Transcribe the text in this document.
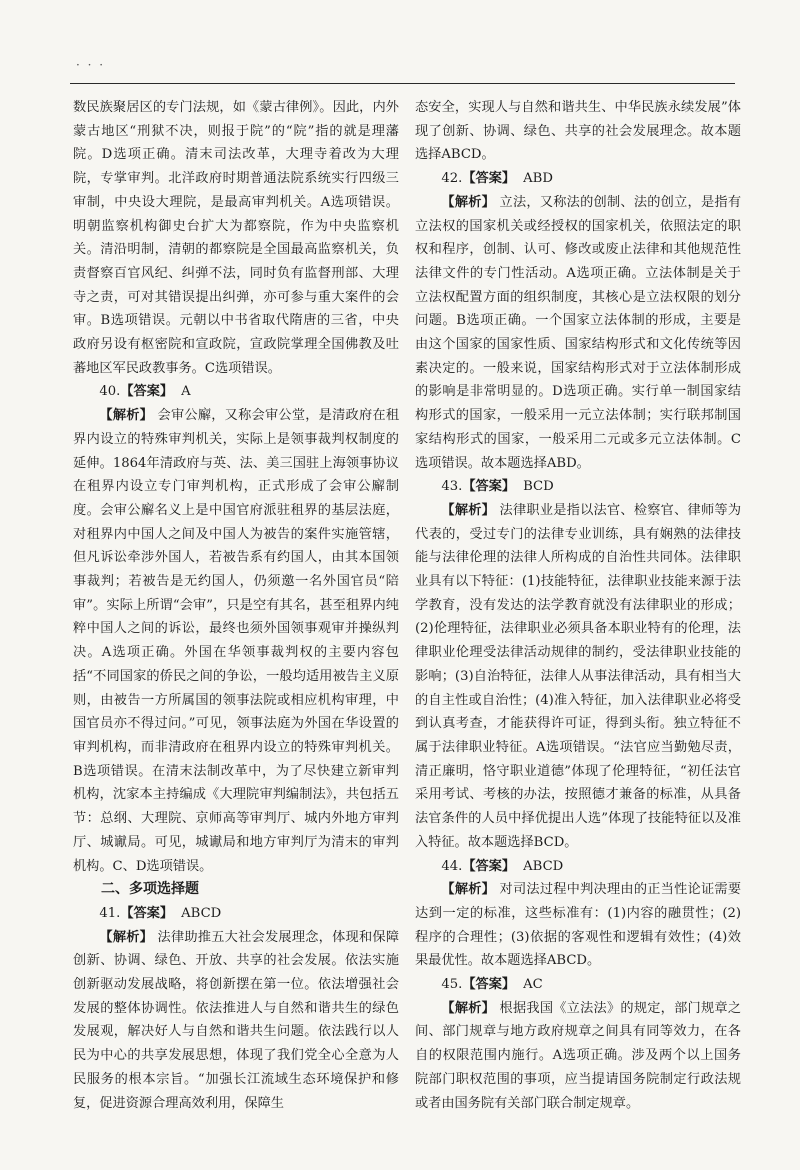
· · ·

数民族聚居区的专门法规，如《蒙古律例》。因此，内外蒙古地区“刑狱不决，则报于院”的“院”指的就是理藩院。D选项正确。清末司法改革，大理寺着改为大理院，专掌审判。北洋政府时期普通法院系统实行四级三审制，中央设大理院，是最高审判机关。A选项错误。明朝监察机构御史台扩大为都察院，作为中央监察机关。清沿明制，清朝的都察院是全国最高监察机关，负责督察百官风纪、纠弹不法，同时负有监督刑部、大理寺之责，可对其错误提出纠弹，亦可参与重大案件的会审。B选项错误。元朝以中书省取代隋唐的三省，中央政府另设有枢密院和宣政院，宣政院掌理全国佛教及吐蕃地区军民政教事务。C选项错误。

40.【答案】 A

【解析】 会审公廨，又称会审公堂，是清政府在租界内设立的特殊审判机关，实际上是领事裁判权制度的延伸。1864年清政府与英、法、美三国驻上海领事协议在租界内设立专门审判机构，正式形成了会审公廨制度。会审公廨名义上是中国官府派驻租界的基层法庭，对租界内中国人之间及中国人为被告的案件实施管辖，但凡诉讼牵涉外国人，若被告系有约国人，由其本国领事裁判；若被告是无约国人，仍须邀一名外国官员“陪审”。实际上所谓“会审”，只是空有其名，甚至租界内纯粹中国人之间的诉讼，最终也须外国领事观审并操纵判决。A选项正确。外国在华领事裁判权的主要内容包括“不同国家的侨民之间的争讼，一般均适用被告主义原则，由被告一方所属国的领事法院或相应机构审理，中国官员亦不得过问。”可见，领事法庭为外国在华设置的审判机构，而非清政府在租界内设立的特殊审判机关。B选项错误。在清末法制改革中，为了尽快建立新审判机构，沈家本主持编成《大理院审判编制法》，共包括五节：总纲、大理院、京师高等审判厅、城内外地方审判厅、城谳局。可见，城谳局和地方审判厅为清末的审判机构。C、D选项错误。

二、多项选择题

41.【答案】 ABCD

【解析】 法律助推五大社会发展理念，体现和保障创新、协调、绿色、开放、共享的社会发展。依法实施创新驱动发展战略，将创新摆在第一位。依法增强社会发展的整体协调性。依法推进人与自然和谐共生的绿色发展观，解决好人与自然和谐共生问题。依法践行以人民为中心的共享发展思想，体现了我们党全心全意为人民服务的根本宗旨。“加强长江流域生态环境保护和修复，促进资源合理高效利用，保障生

态安全，实现人与自然和谐共生、中华民族永续发展”体现了创新、协调、绿色、共享的社会发展理念。故本题选择ABCD。

42.【答案】 ABD

【解析】 立法，又称法的创制、法的创立，是指有立法权的国家机关或经授权的国家机关，依照法定的职权和程序，创制、认可、修改或废止法律和其他规范性法律文件的专门性活动。A选项正确。立法体制是关于立法权配置方面的组织制度，其核心是立法权限的划分问题。B选项正确。一个国家立法体制的形成，主要是由这个国家的国家性质、国家结构形式和文化传统等因素决定的。一般来说，国家结构形式对于立法体制形成的影响是非常明显的。D选项正确。实行单一制国家结构形式的国家，一般采用一元立法体制；实行联邦制国家结构形式的国家，一般采用二元或多元立法体制。C选项错误。故本题选择ABD。

43.【答案】 BCD

【解析】 法律职业是指以法官、检察官、律师等为代表的，受过专门的法律专业训练，具有娴熟的法律技能与法律伦理的法律人所构成的自治性共同体。法律职业具有以下特征：(1)技能特征，法律职业技能来源于法学教育，没有发达的法学教育就没有法律职业的形成；(2)伦理特征，法律职业必须具备本职业特有的伦理，法律职业伦理受法律活动规律的制约，受法律职业技能的影响；(3)自治特征，法律人从事法律活动，具有相当大的自主性或自治性；(4)准入特征，加入法律职业必将受到认真考查，才能获得许可证，得到头衔。独立特征不属于法律职业特征。A选项错误。“法官应当勤勉尽责，清正廉明，恪守职业道德”体现了伦理特征，“初任法官采用考试、考核的办法，按照德才兼备的标准，从具备法官条件的人员中择优提出人选”体现了技能特征以及准入特征。故本题选择BCD。

44.【答案】 ABCD

【解析】 对司法过程中判决理由的正当性论证需要达到一定的标准，这些标准有：(1)内容的融贯性；(2)程序的合理性；(3)依据的客观性和逻辑有效性；(4)效果最优性。故本题选择ABCD。

45.【答案】 AC

【解析】 根据我国《立法法》的规定，部门规章之间、部门规章与地方政府规章之间具有同等效力，在各自的权限范围内施行。A选项正确。涉及两个以上国务院部门职权范围的事项，应当提请国务院制定行政法规或者由国务院有关部门联合制定规章。
